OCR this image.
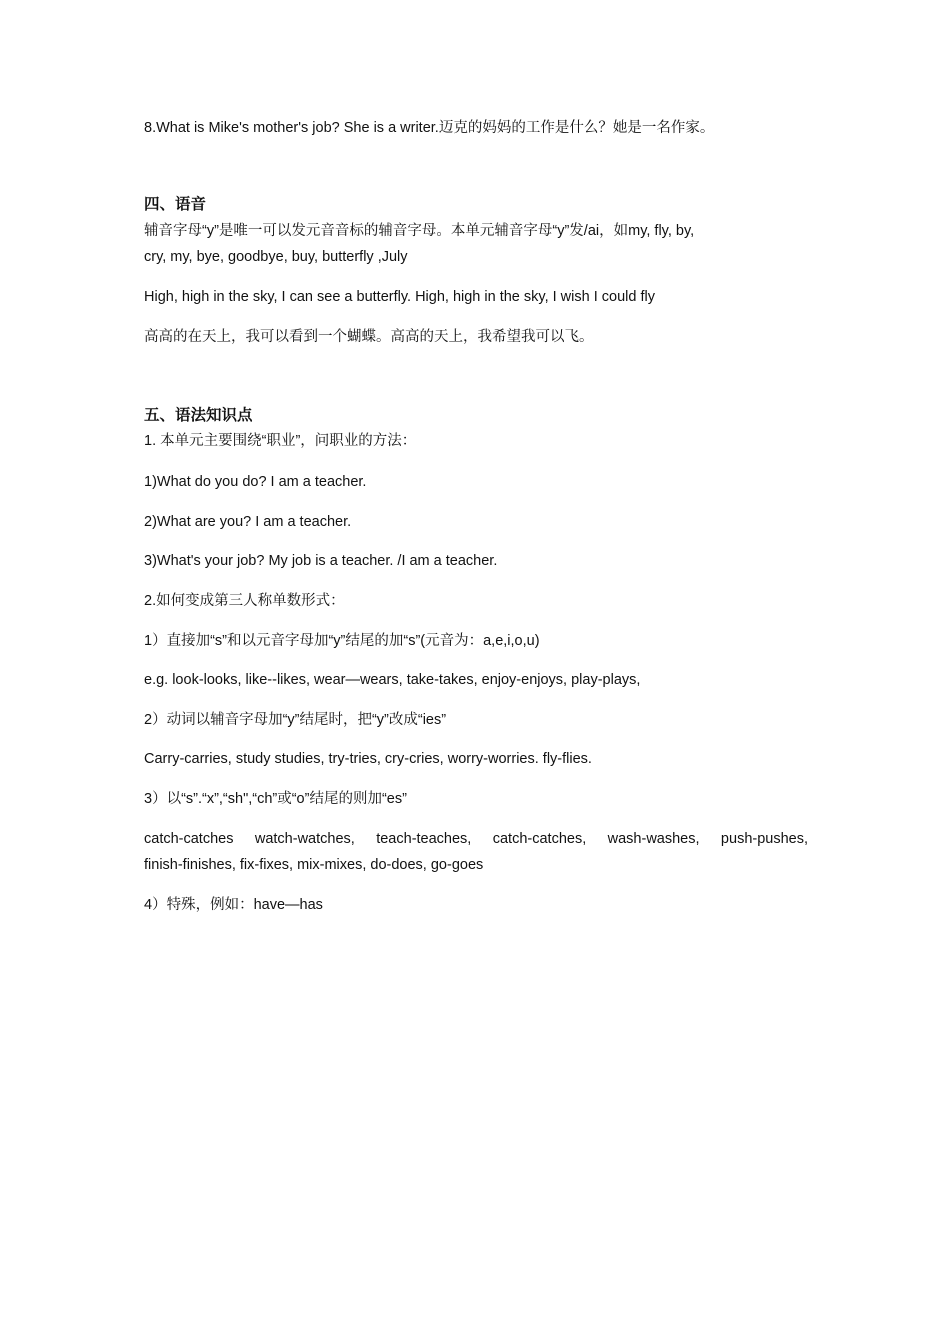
8.What is Mike's mother's job? She is a writer.迈克的妈妈的工作是什么？她是一名作家。

四、语音

辅音字母“y”是唯一可以发元音音标的辅音字母。本单元辅音字母“y”发/ai，如my, fly, by,

cry, my, bye, goodbye, buy, butterfly ,July

High, high in the sky, I can see a butterfly. High, high in the sky, I wish I could fly

高高的在天上，我可以看到一个蝴蝶。高高的天上，我希望我可以飞。

五、语法知识点

1. 本单元主要围绕“职业”，问职业的方法：

1)What do you do? I am a teacher.

2)What are you? I am a teacher.

3)What's your job? My job is a teacher. /I am a teacher.

2.如何变成第三人称单数形式：

1）直接加“s”和以元音字母加“y”结尾的加“s”(元音为：a,e,i,o,u)

e.g. look-looks, like--likes, wear—wears, take-takes, enjoy-enjoys, play-plays,

2）动词以辅音字母加“y”结尾时，把“y”改成“ies”

Carry-carries, study studies, try-tries, cry-cries, worry-worries. fly-flies.

3）以“s”.“x”,“sh",“ch”或“o”结尾的则加“es”

catch-catches watch-watches, teach-teaches, catch-catches, wash-washes, push-pushes,

finish-finishes, fix-fixes, mix-mixes, do-does, go-goes

4）特殊，例如：have—has
